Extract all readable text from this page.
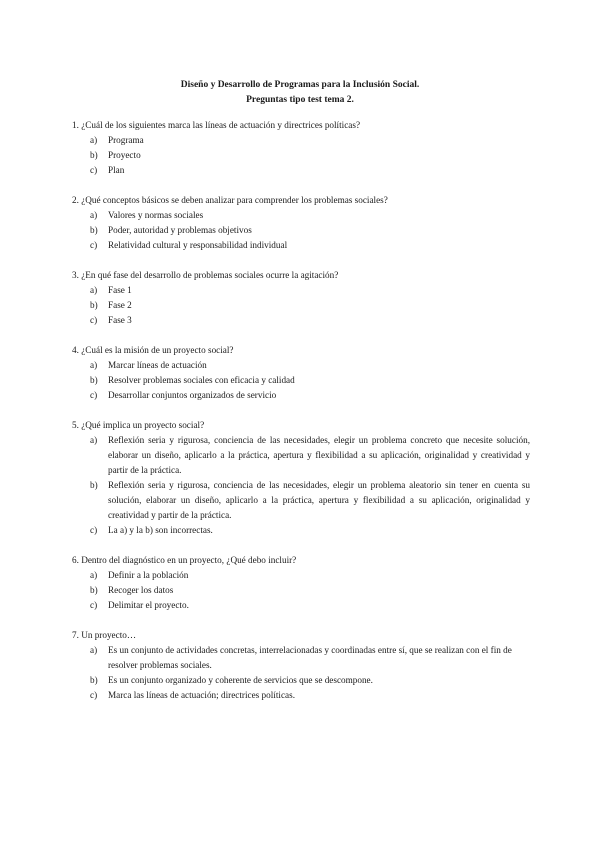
Diseño y Desarrollo de Programas para la Inclusión Social.
Preguntas tipo test tema 2.
1. ¿Cuál de los siguientes marca las líneas de actuación y directrices políticas?
a)	Programa
b)	Proyecto
c)	Plan
2. ¿Qué conceptos básicos se deben analizar para comprender los problemas sociales?
a)	Valores y normas sociales
b)	Poder, autoridad y problemas objetivos
c)	Relatividad cultural y responsabilidad individual
3. ¿En qué fase del desarrollo de problemas sociales ocurre la agitación?
a)	Fase 1
b)	Fase 2
c)	Fase 3
4. ¿Cuál es la misión de un proyecto social?
a)	Marcar líneas de actuación
b)	Resolver problemas sociales con eficacia y calidad
c)	Desarrollar conjuntos organizados de servicio
5. ¿Qué implica un proyecto social?
a)	Reflexión seria y rigurosa, conciencia de las necesidades, elegir un problema concreto que necesite solución, elaborar un diseño, aplicarlo a la práctica, apertura y flexibilidad a su aplicación, originalidad y creatividad y partir de la práctica.
b)	Reflexión seria y rigurosa, conciencia de las necesidades, elegir un problema aleatorio sin tener en cuenta su solución, elaborar un diseño, aplicarlo a la práctica, apertura y flexibilidad a su aplicación, originalidad y creatividad y partir de la práctica.
c)	La a) y la b) son incorrectas.
6. Dentro del diagnóstico en un proyecto, ¿Qué debo incluir?
a)	Definir a la población
b)	Recoger los datos
c)	Delimitar el proyecto.
7. Un proyecto…
a)	Es un conjunto de actividades concretas, interrelacionadas y coordinadas entre sí, que se realizan con el fin de resolver problemas sociales.
b)	Es un conjunto organizado y coherente de servicios que se descompone.
c)	Marca las líneas de actuación; directrices políticas.
